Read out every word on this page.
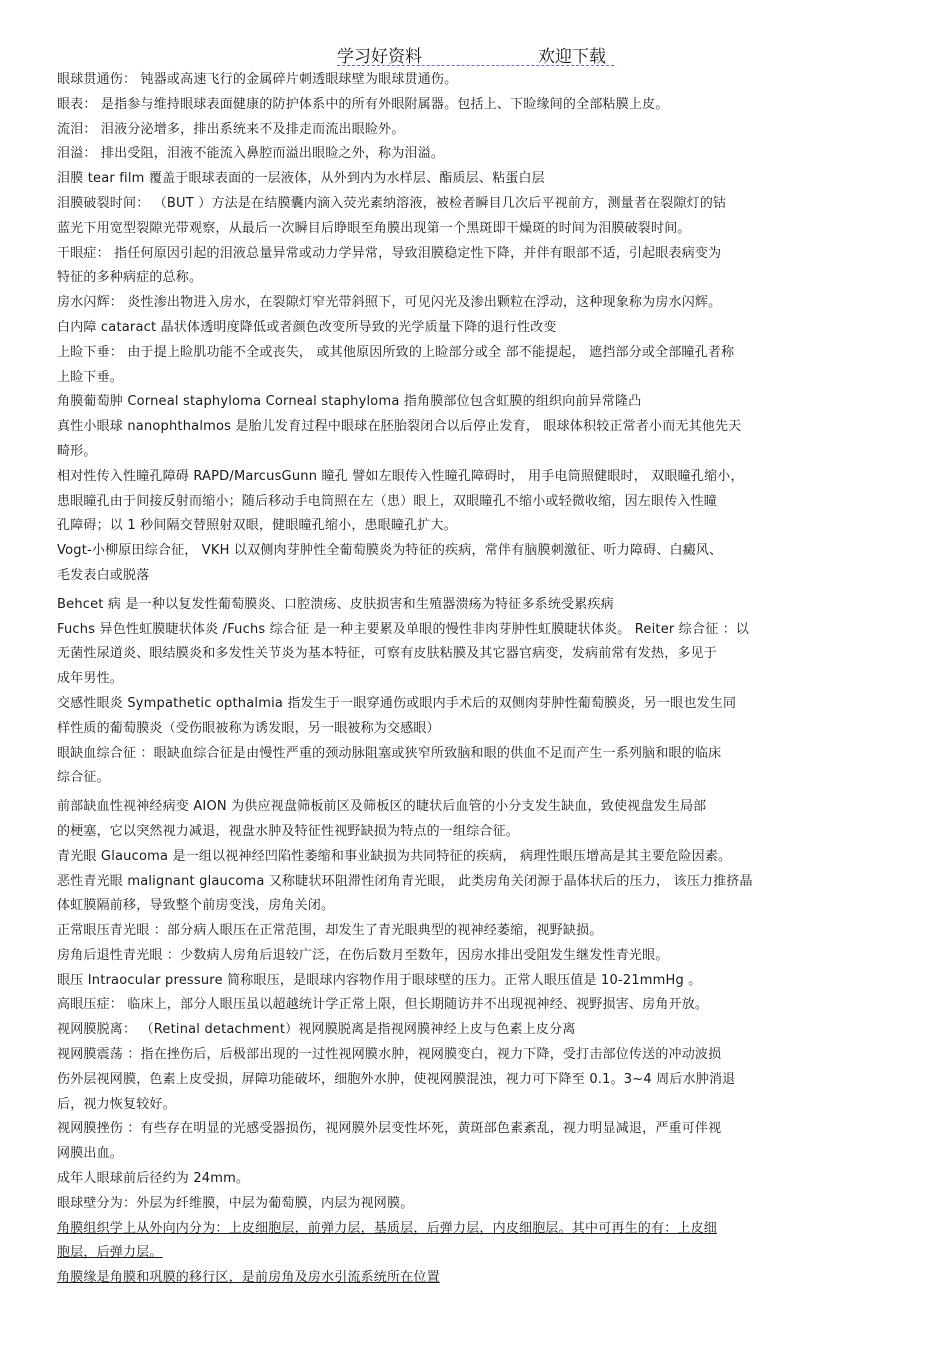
学习好资料	欢迎下载
眼球贯通伤： 钝器或高速飞行的金属碎片刺透眼球壁为眼球贯通伤。
眼表： 是指参与维持眼球表面健康的防护体系中的所有外眼附属器。包括上、下睑缘间的全部粘膜上皮。
流泪： 泪液分泌增多，排出系统来不及排走而流出眼睑外。
泪溢： 排出受阻，泪液不能流入鼻腔而溢出眼睑之外，称为泪溢。
泪膜 tear film 覆盖于眼球表面的一层液体，从外到内为水样层、酯质层、粘蛋白层
泪膜破裂时间： （BUT ）方法是在结膜囊内滴入荧光素纳溶液，被检者瞬目几次后平视前方，测量者在裂隙灯的钴
蓝光下用宽型裂隙光带观察，从最后一次瞬目后睁眼至角膜出现第一个黑斑即干燥斑的时间为泪膜破裂时间。
干眼症： 指任何原因引起的泪液总量异常或动力学异常，导致泪膜稳定性下降，并伴有眼部不适，引起眼表病变为
特征的多种病症的总称。
房水闪辉： 炎性渗出物进入房水，在裂隙灯窄光带斜照下，可见闪光及渗出颗粒在浮动，这种现象称为房水闪辉。
白内障 cataract 晶状体透明度降低或者颜色改变所导致的光学质量下降的退行性改变
上睑下垂： 由于提上睑肌功能不全或丧失， 或其他原因所致的上睑部分或全 部不能提起， 遮挡部分或全部瞳孔者称
上睑下垂。
角膜葡萄肿 Corneal staphyloma Corneal staphyloma 指角膜部位包含虹膜的组织向前异常隆凸
真性小眼球 nanophthalmos 是胎儿发育过程中眼球在胚胎裂闭合以后停止发育， 眼球体积较正常者小而无其他先天
畸形。
相对性传入性瞳孔障碍 RAPD/MarcusGunn 瞳孔 譬如左眼传入性瞳孔障碍时， 用手电筒照健眼时， 双眼瞳孔缩小，
患眼瞳孔由于间接反射而缩小；随后移动手电筒照在左（患）眼上，双眼瞳孔不缩小或轻微收缩，因左眼传入性瞳
孔障碍；以 1 秒间隔交替照射双眼，健眼瞳孔缩小，患眼瞳孔扩大。
Vogt-小柳原田综合征， VKH 以双侧肉芽肿性全葡萄膜炎为特征的疾病，常伴有脑膜刺激征、听力障碍、白癜风、
毛发表白或脱落
Behcet 病 是一种以复发性葡萄膜炎、口腔溃疡、皮肤损害和生殖器溃疡为特征多系统受累疾病
Fuchs 异色性虹膜睫状体炎 /Fuchs 综合征 是一种主要累及单眼的慢性非肉芽肿性虹膜睫状体炎。 Reiter 综合征 ：以
无菌性尿道炎、眼结膜炎和多发性关节炎为基本特征，可察有皮肤粘膜及其它器官病变，发病前常有发热，多见于
成年男性。
交感性眼炎 Sympathetic opthalmia 指发生于一眼穿通伤或眼内手术后的双侧肉芽肿性葡萄膜炎，另一眼也发生同
样性质的葡萄膜炎（受伤眼被称为诱发眼，另一眼被称为交感眼）
眼缺血综合征 ：眼缺血综合征是由慢性严重的颈动脉阻塞或狭窄所致脑和眼的供血不足而产生一系列脑和眼的临床
综合征。
前部缺血性视神经病变 AION 为供应视盘筛板前区及筛板区的睫状后血管的小分支发生缺血，致使视盘发生局部
的梗塞，它以突然视力减退，视盘水肿及特征性视野缺损为特点的一组综合征。
青光眼 Glaucoma 是一组以视神经凹陷性萎缩和事业缺损为共同特征的疾病， 病理性眼压增高是其主要危险因素。
恶性青光眼 malignant glaucoma 又称睫状环阻滞性闭角青光眼， 此类房角关闭源于晶体状后的压力， 该压力推挤晶
体虹膜隔前移，导致整个前房变浅，房角关闭。
正常眼压青光眼 ：部分病人眼压在正常范围，却发生了青光眼典型的视神经萎缩，视野缺损。
房角后退性青光眼 ：少数病人房角后退较广泛，在伤后数月至数年，因房水排出受阻发生继发性青光眼。
眼压 Intraocular pressure 简称眼压，是眼球内容物作用于眼球壁的压力。正常人眼压值是 10-21mmHg 。
高眼压症： 临床上，部分人眼压虽以超越统计学正常上限，但长期随访并不出现视神经、视野损害、房角开放。
视网膜脱离： （Retinal detachment）视网膜脱离是指视网膜神经上皮与色素上皮分离
视网膜震荡 ：指在挫伤后，后极部出现的一过性视网膜水肿，视网膜变白，视力下降，受打击部位传送的冲动波损
伤外层视网膜，色素上皮受损，屏障功能破坏，细胞外水肿，使视网膜混浊，视力可下降至 0.1。3~4 周后水肿消退
后，视力恢复较好。
视网膜挫伤 ：有些存在明显的光感受器损伤，视网膜外层变性坏死，黄斑部色素紊乱，视力明显减退，严重可伴视
网膜出血。
成年人眼球前后径约为 24mm。
眼球壁分为：外层为纤维膜，中层为葡萄膜，内层为视网膜。
角膜组织学上从外向内分为：上皮细胞层，前弹力层，基质层，后弹力层，内皮细胞层。其中可再生的有：上皮细
胞层，后弹力层。
角膜缘是角膜和巩膜的移行区，是前房角及房水引流系统所在位置
